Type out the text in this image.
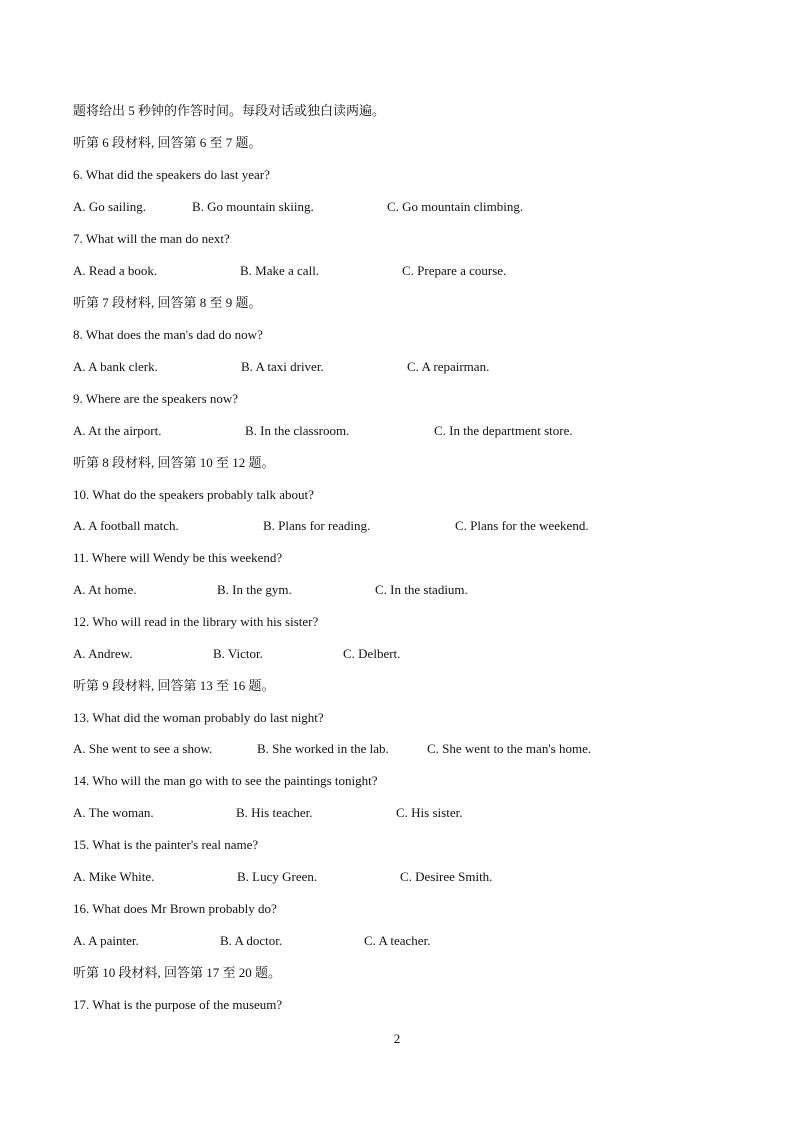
题将给出 5 秒钟的作答时间。每段对话或独白读两遍。
听第 6 段材料, 回答第 6 至 7 题。
6. What did the speakers do last year?
A. Go sailing.	B. Go mountain skiing.	C. Go mountain climbing.
7. What will the man do next?
A. Read a book.	B. Make a call.	C. Prepare a course.
听第 7 段材料, 回答第 8 至 9 题。
8. What does the man's dad do now?
A. A bank clerk.	B. A taxi driver.	C. A repairman.
9. Where are the speakers now?
A. At the airport.	B. In the classroom.	C. In the department store.
听第 8 段材料, 回答第 10 至 12 题。
10. What do the speakers probably talk about?
A. A football match.	B. Plans for reading.	C. Plans for the weekend.
11. Where will Wendy be this weekend?
A. At home.	B. In the gym.	C. In the stadium.
12. Who will read in the library with his sister?
A. Andrew.	B. Victor.	C. Delbert.
听第 9 段材料, 回答第 13 至 16 题。
13. What did the woman probably do last night?
A. She went to see a show.	B. She worked in the lab.	C. She went to the man's home.
14. Who will the man go with to see the paintings tonight?
A. The woman.	B. His teacher.	C. His sister.
15. What is the painter's real name?
A. Mike White.	B. Lucy Green.	C. Desiree Smith.
16. What does Mr Brown probably do?
A. A painter.	B. A doctor.	C. A teacher.
听第 10 段材料, 回答第 17 至 20 题。
17. What is the purpose of the museum?
2
